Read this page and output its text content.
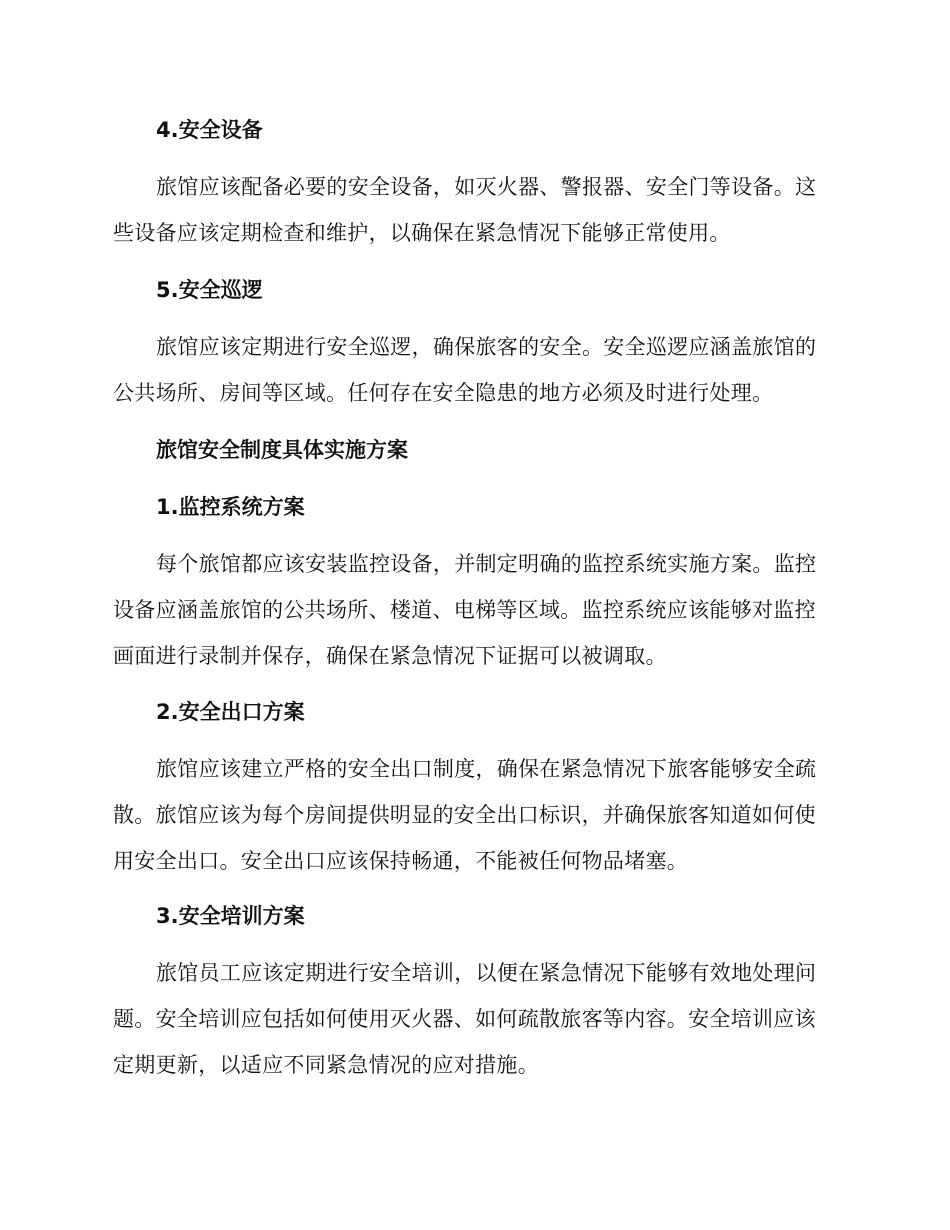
4.安全设备
旅馆应该配备必要的安全设备，如灭火器、警报器、安全门等设备。这
些设备应该定期检查和维护，以确保在紧急情况下能够正常使用。
5.安全巡逻
旅馆应该定期进行安全巡逻，确保旅客的安全。安全巡逻应涵盖旅馆的
公共场所、房间等区域。任何存在安全隐患的地方必须及时进行处理。
旅馆安全制度具体实施方案
1.监控系统方案
每个旅馆都应该安装监控设备，并制定明确的监控系统实施方案。监控
设备应涵盖旅馆的公共场所、楼道、电梯等区域。监控系统应该能够对监控
画面进行录制并保存，确保在紧急情况下证据可以被调取。
2.安全出口方案
旅馆应该建立严格的安全出口制度，确保在紧急情况下旅客能够安全疏
散。旅馆应该为每个房间提供明显的安全出口标识，并确保旅客知道如何使
用安全出口。安全出口应该保持畅通，不能被任何物品堵塞。
3.安全培训方案
旅馆员工应该定期进行安全培训，以便在紧急情况下能够有效地处理问
题。安全培训应包括如何使用灭火器、如何疏散旅客等内容。安全培训应该
定期更新，以适应不同紧急情况的应对措施。
